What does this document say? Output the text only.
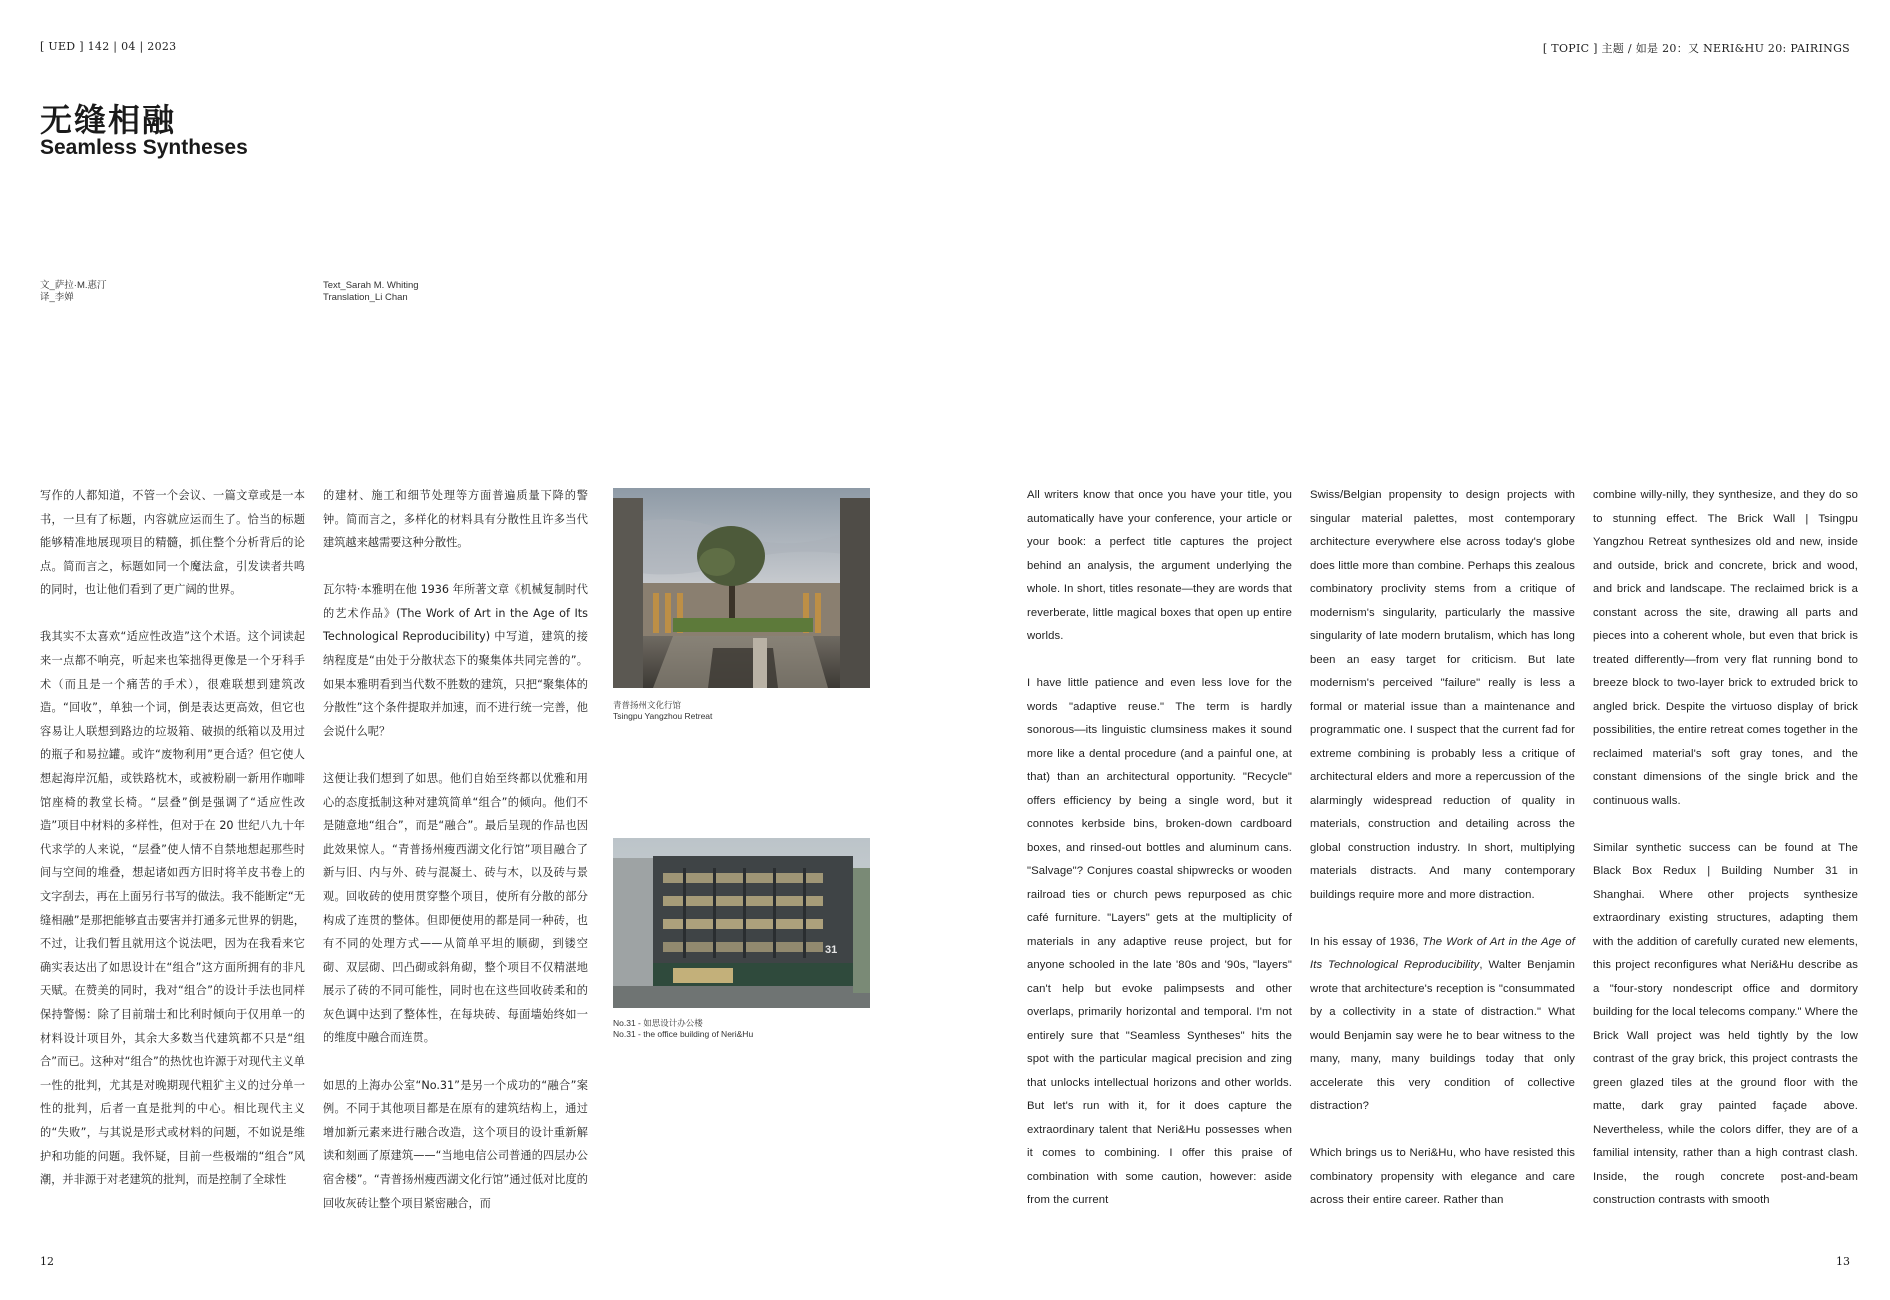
[ UED ] 142 | 04 | 2023	[ TOPIC ] 主题 / 如是 20：又 NERI&HU 20: PAIRINGS
无缝相融
Seamless Syntheses
文_萨拉·M.惠汀
译_李婵
Text_Sarah M. Whiting
Translation_Li Chan

写作的人都知道，不管一个会议、一篇文章或是一本书，一旦有了标题，内容就应运而生了。恰当的标题能够精准地展现项目的精髓，抓住整个分析背后的论点。简而言之，标题如同一个魔法盒，引发读者共鸣的同时，也让他们看到了更广阔的世界。

我其实不太喜欢“适应性改造”这个术语。这个词读起来一点都不响亮，听起来也笨拙得更像是一个牙科手术（而且是一个痛苦的手术），很难联想到建筑改造。“回收”，单独一个词，倒是表达更高效，但它也容易让人联想到路边的垃圾箱、破损的纸箱以及用过的瓶子和易拉罐。或许“废物利用”更合适？但它使人想起海岸沉船，或铁路枕木，或被粉刷一新用作咖啡馆座椅的教堂长椅。“层叠”倒是强调了“适应性改造”项目中材料的多样性，但对于在 20 世纪八九十年代求学的人来说，“层叠”使人情不自禁地想起那些时间与空间的堆叠，想起诸如西方旧时将羊皮书卷上的文字刮去，再在上面另行书写的做法。我不能断定“无缝相融”是那把能够直击要害并打通多元世界的钥匙，不过，让我们暂且就用这个说法吧，因为在我看来它确实表达出了如思设计在“组合”这方面所拥有的非凡天赋。在赞美的同时，我对“组合”的设计手法也同样保持警惕：除了目前瑞士和比利时倾向于仅用单一的材料设计项目外，其余大多数当代建筑都不只是“组合”而已。这种对“组合”的热忱也许源于对现代主义单一性的批判，尤其是对晚期现代粗犷主义的过分单一性的批判，后者一直是批判的中心。相比现代主义的“失败”，与其说是形式或材料的问题，不如说是维护和功能的问题。我怀疑，目前一些极端的“组合”风潮，并非源于对老建筑的批判，而是控制了全球性

的建材、施工和细节处理等方面普遍质量下降的警钟。简而言之，多样化的材料具有分散性且许多当代建筑越来越需要这种分散性。

瓦尔特·本雅明在他 1936 年所著文章《机械复制时代的艺术作品》(The Work of Art in the Age of Its Technological Reproducibility) 中写道，建筑的接纳程度是“由处于分散状态下的聚集体共同完善的”。如果本雅明看到当代数不胜数的建筑，只把“聚集体的分散性”这个条件提取并加速，而不进行统一完善，他会说什么呢？

这便让我们想到了如思。他们自始至终都以优雅和用心的态度抵制这种对建筑简单“组合”的倾向。他们不是随意地“组合”，而是“融合”。最后呈现的作品也因此效果惊人。“青普扬州瘦西湖文化行馆”项目融合了新与旧、内与外、砖与混凝土、砖与木，以及砖与景观。回收砖的使用贯穿整个项目，使所有分散的部分构成了连贯的整体。但即便使用的都是同一种砖，也有不同的处理方式——从简单平坦的顺砌，到镂空砌、双层砌、凹凸砌或斜角砌，整个项目不仅精湛地展示了砖的不同可能性，同时也在这些回收砖柔和的灰色调中达到了整体性，在每块砖、每面墙始终如一的维度中融合而连贯。

如思的上海办公室“No.31”是另一个成功的“融合”案例。不同于其他项目都是在原有的建筑结构上，通过增加新元素来进行融合改造，这个项目的设计重新解读和刻画了原建筑——“当地电信公司普通的四层办公宿舍楼”。“青普扬州瘦西湖文化行馆”通过低对比度的回收灰砖让整个项目紧密融合，而

青普扬州文化行馆
Tsingpu Yangzhou Retreat
31
No.31 - 如思设计办公楼
No.31 - the office building of Neri&Hu

All writers know that once you have your title, you automatically have your conference, your article or your book: a perfect title captures the project behind an analysis, the argument underlying the whole. In short, titles resonate—they are words that reverberate, little magical boxes that open up entire worlds.

I have little patience and even less love for the words "adaptive reuse." The term is hardly sonorous—its linguistic clumsiness makes it sound more like a dental procedure (and a painful one, at that) than an architectural opportunity. "Recycle" offers efficiency by being a single word, but it connotes kerbside bins, broken-down cardboard boxes, and rinsed-out bottles and aluminum cans. "Salvage"? Conjures coastal shipwrecks or wooden railroad ties or church pews repurposed as chic café furniture. "Layers" gets at the multiplicity of materials in any adaptive reuse project, but for anyone schooled in the late '80s and '90s, "layers" can't help but evoke palimpsests and other overlaps, primarily horizontal and temporal. I'm not entirely sure that "Seamless Syntheses" hits the spot with the particular magical precision and zing that unlocks intellectual horizons and other worlds. But let's run with it, for it does capture the extraordinary talent that Neri&Hu possesses when it comes to combining. I offer this praise of combination with some caution, however: aside from the current

Swiss/Belgian propensity to design projects with singular material palettes, most contemporary architecture everywhere else across today's globe does little more than combine. Perhaps this zealous combinatory proclivity stems from a critique of modernism's singularity, particularly the massive singularity of late modern brutalism, which has long been an easy target for criticism. But late modernism's perceived "failure" really is less a formal or material issue than a maintenance and programmatic one. I suspect that the current fad for extreme combining is probably less a critique of architectural elders and more a repercussion of the alarmingly widespread reduction of quality in materials, construction and detailing across the global construction industry. In short, multiplying materials distracts. And many contemporary buildings require more and more distraction.

In his essay of 1936, The Work of Art in the Age of Its Technological Reproducibility, Walter Benjamin wrote that architecture's reception is "consummated by a collectivity in a state of distraction." What would Benjamin say were he to bear witness to the many, many, many buildings today that only accelerate this very condition of collective distraction?

Which brings us to Neri&Hu, who have resisted this combinatory propensity with elegance and care across their entire career. Rather than

combine willy-nilly, they synthesize, and they do so to stunning effect. The Brick Wall | Tsingpu Yangzhou Retreat synthesizes old and new, inside and outside, brick and concrete, brick and wood, and brick and landscape. The reclaimed brick is a constant across the site, drawing all parts and pieces into a coherent whole, but even that brick is treated differently—from very flat running bond to breeze block to two-layer brick to extruded brick to angled brick. Despite the virtuoso display of brick possibilities, the entire retreat comes together in the reclaimed material's soft gray tones, and the constant dimensions of the single brick and the continuous walls.

Similar synthetic success can be found at The Black Box Redux | Building Number 31 in Shanghai. Where other projects synthesize extraordinary existing structures, adapting them with the addition of carefully curated new elements, this project reconfigures what Neri&Hu describe as a "four-story nondescript office and dormitory building for the local telecoms company." Where the Brick Wall project was held tightly by the low contrast of the gray brick, this project contrasts the green glazed tiles at the ground floor with the matte, dark gray painted façade above. Nevertheless, while the colors differ, they are of a familial intensity, rather than a high contrast clash. Inside, the rough concrete post-and-beam construction contrasts with smooth

12	13
